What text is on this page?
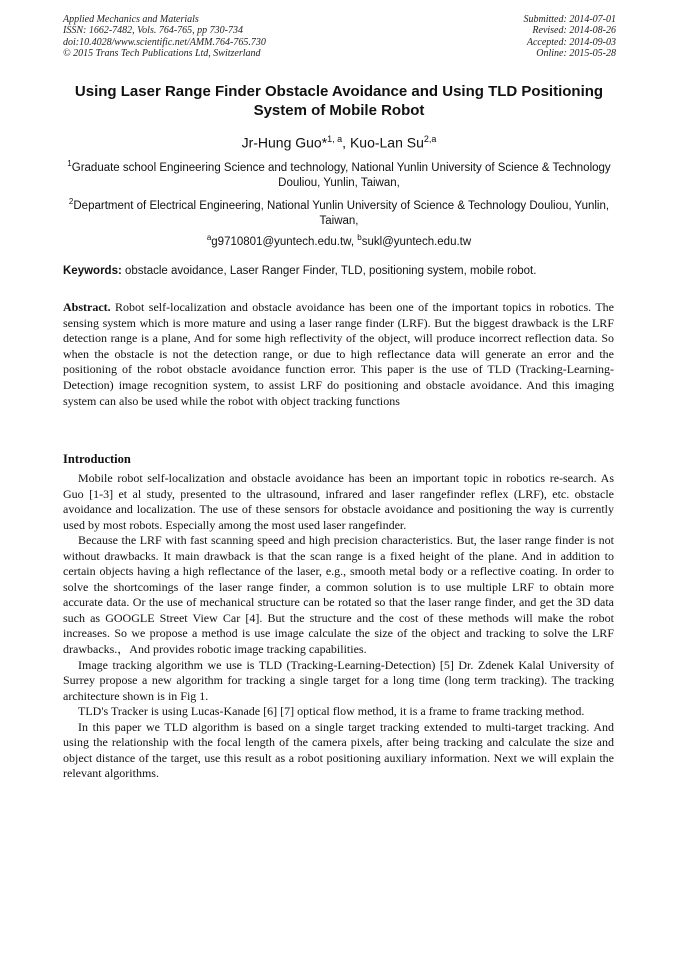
Applied Mechanics and Materials
ISSN: 1662-7482, Vols. 764-765, pp 730-734
doi:10.4028/www.scientific.net/AMM.764-765.730
© 2015 Trans Tech Publications Ltd, Switzerland
Submitted: 2014-07-01
Revised: 2014-08-26
Accepted: 2014-09-03
Online: 2015-05-28
Using Laser Range Finder Obstacle Avoidance and Using TLD Positioning System of Mobile Robot
Jr-Hung Guo*$^{1, a}$, Kuo-Lan Su$^{2,a}$
$^1$Graduate school Engineering Science and technology, National Yunlin University of Science & Technology Douliou, Yunlin, Taiwan,
$^2$Department of Electrical Engineering, National Yunlin University of Science & Technology Douliou, Yunlin, Taiwan,
$^a$g9710801@yuntech.edu.tw, $^b$sukl@yuntech.edu.tw
Keywords: obstacle avoidance, Laser Ranger Finder, TLD, positioning system, mobile robot.
Abstract. Robot self-localization and obstacle avoidance has been one of the important topics in robotics. The sensing system which is more mature and using a laser range finder (LRF). But the biggest drawback is the LRF detection range is a plane, And for some high reflectivity of the object, will produce incorrect reflection data. So when the obstacle is not the detection range, or due to high reflectance data will generate an error and the positioning of the robot obstacle avoidance function error. This paper is the use of TLD (Tracking-Learning-Detection) image recognition system, to assist LRF do positioning and obstacle avoidance. And this imaging system can also be used while the robot with object tracking functions
Introduction

Mobile robot self-localization and obstacle avoidance has been an important topic in robotics re-search. As Guo [1-3] et al study, presented to the ultrasound, infrared and laser rangefinder reflex (LRF), etc. obstacle avoidance and localization. The use of these sensors for obstacle avoidance and positioning the way is currently used by most robots. Especially among the most used laser rangefinder.

Because the LRF with fast scanning speed and high precision characteristics. But, the laser range finder is not without drawbacks. It main drawback is that the scan range is a fixed height of the plane. And in addition to certain objects having a high reflectance of the laser, e.g., smooth metal body or a reflective coating. In order to solve the shortcomings of the laser range finder, a common solution is to use multiple LRF to obtain more accurate data. Or the use of mechanical structure can be rotated so that the laser range finder, and get the 3D data such as GOOGLE Street View Car [4]. But the structure and the cost of these methods will make the robot increases. So we propose a method is use image calculate the size of the object and tracking to solve the LRF drawbacks.，And provides robotic image tracking capabilities.

Image tracking algorithm we use is TLD (Tracking-Learning-Detection) [5] Dr. Zdenek Kalal University of Surrey propose a new algorithm for tracking a single target for a long time (long term tracking). The tracking architecture shown is in Fig 1.

TLD's Tracker is using Lucas-Kanade [6] [7] optical flow method, it is a frame to frame tracking method.

In this paper we TLD algorithm is based on a single target tracking extended to multi-target tracking. And using the relationship with the focal length of the camera pixels, after being tracking and calculate the size and object distance of the target, use this result as a robot positioning auxiliary information. Next we will explain the relevant algorithms.
